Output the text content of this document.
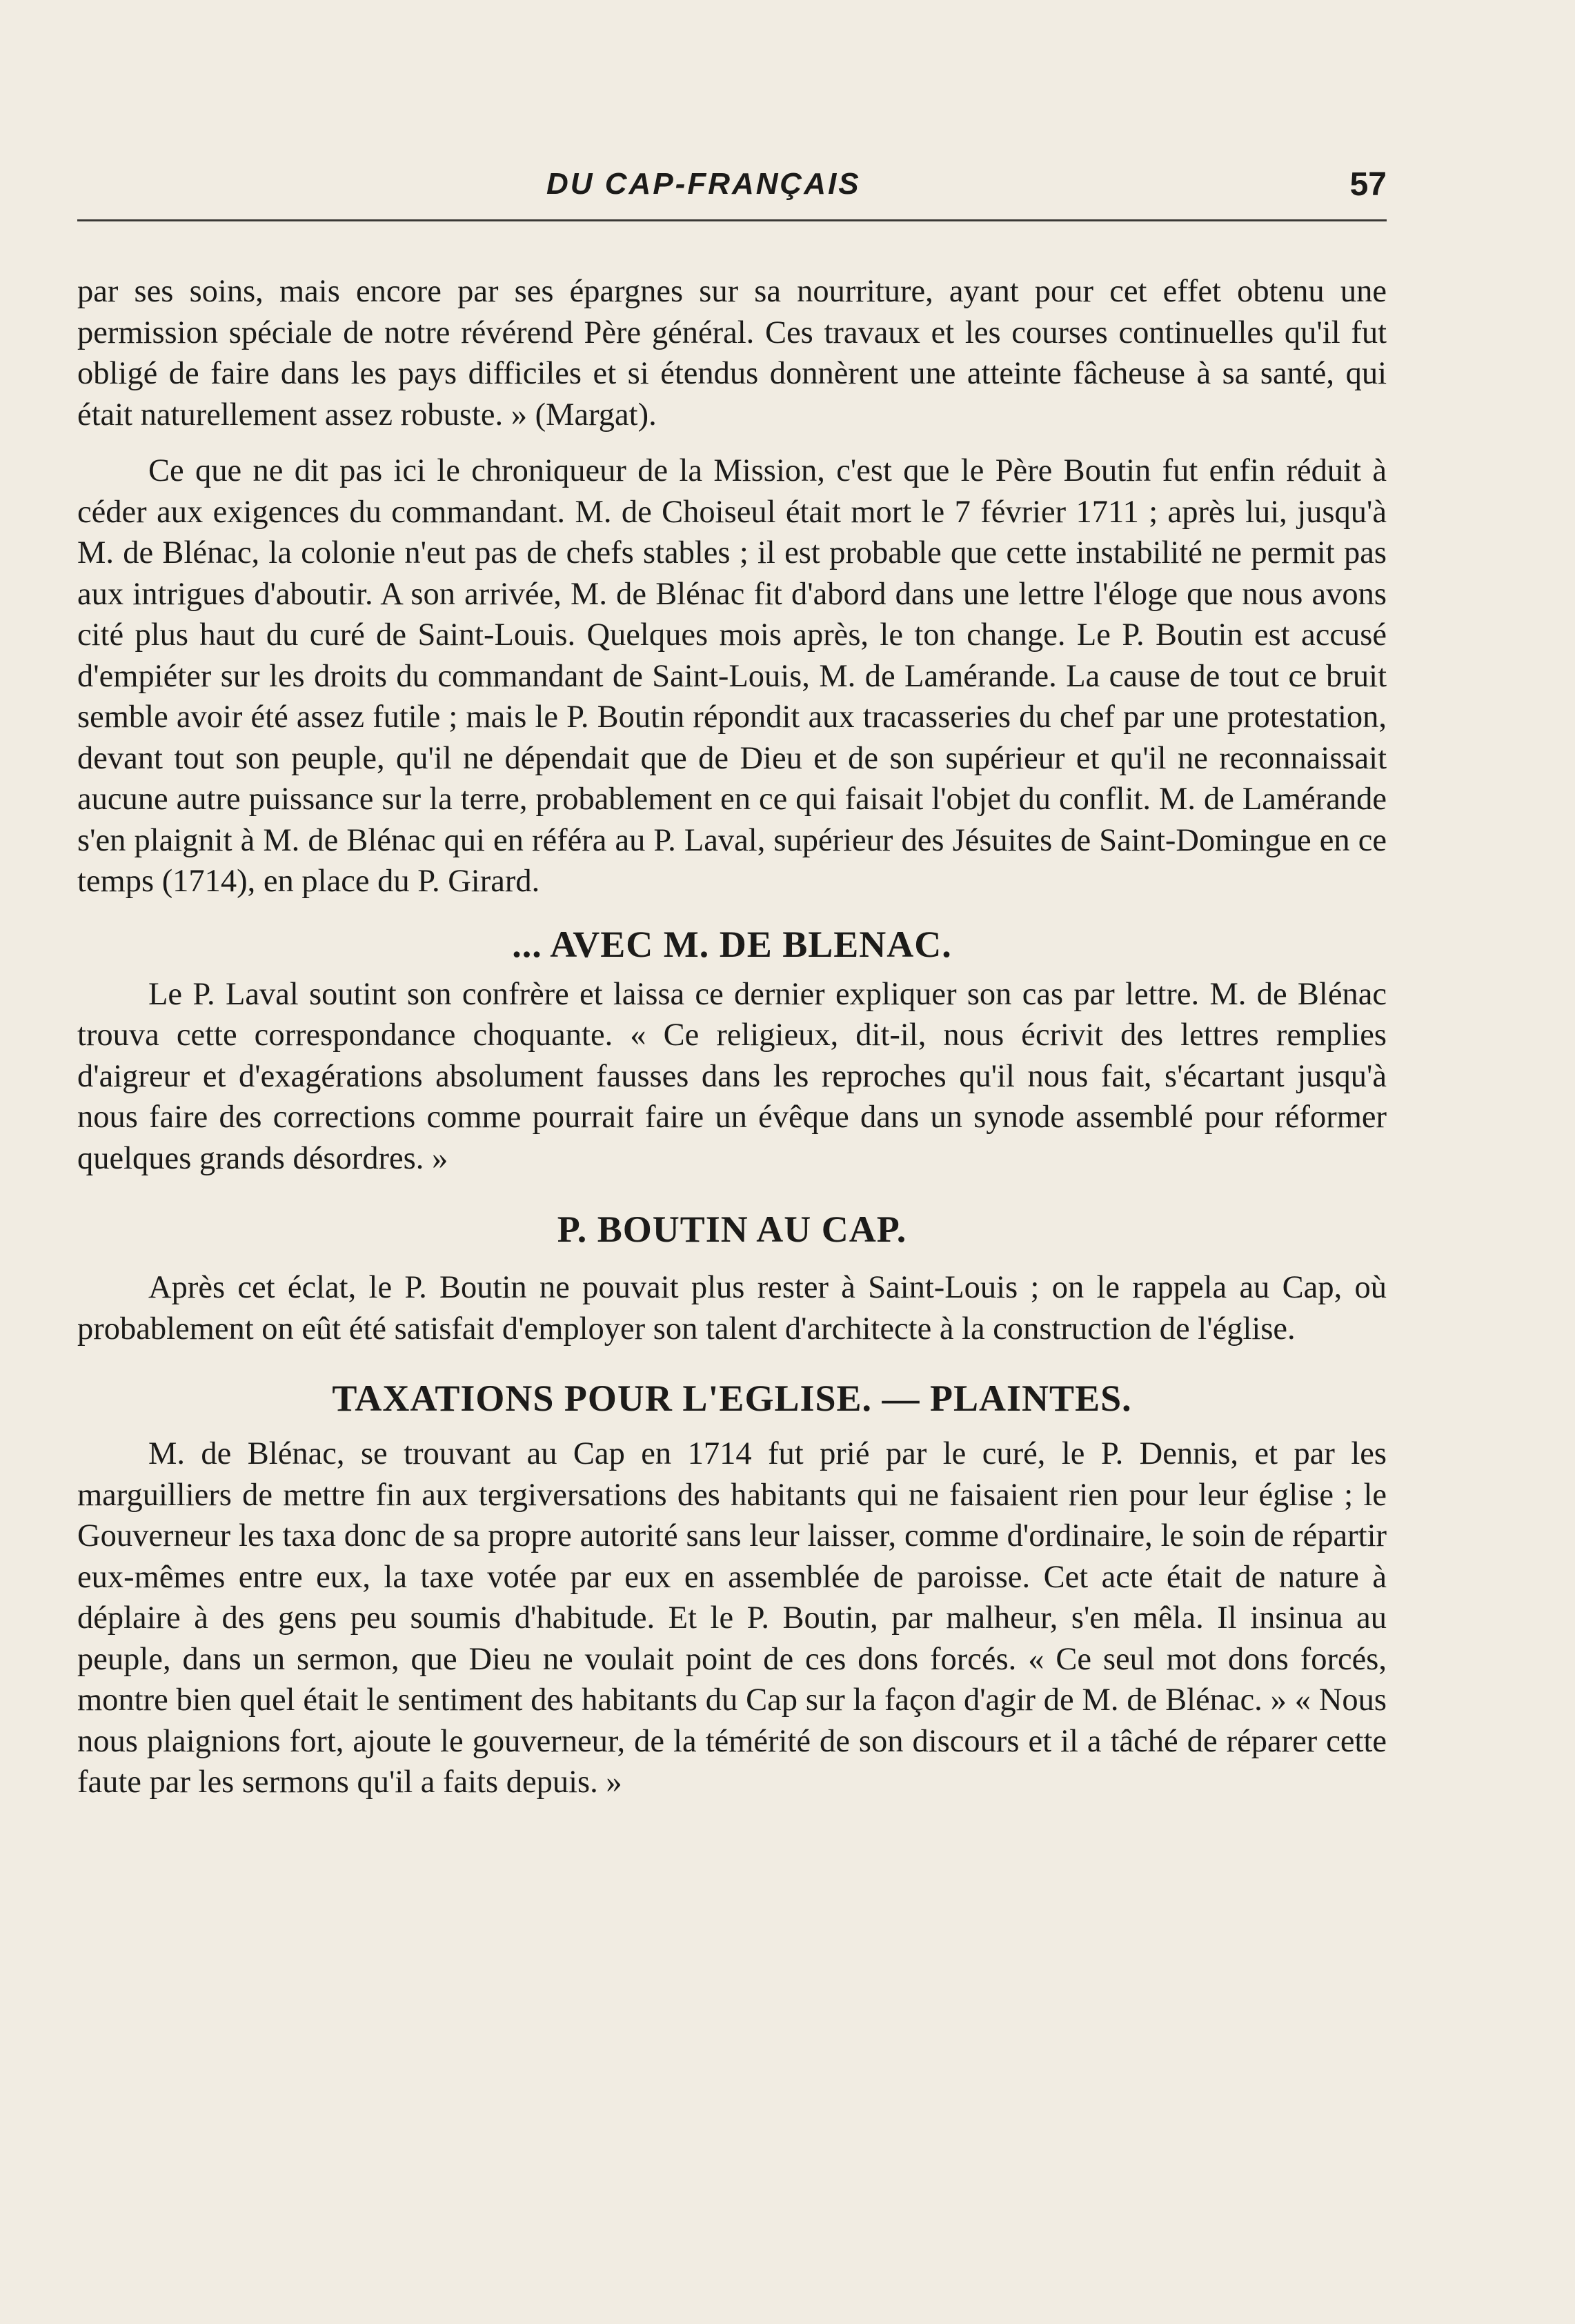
DU CAP-FRANÇAIS	57

par ses soins, mais encore par ses épargnes sur sa nourriture, ayant pour cet effet obtenu une permission spéciale de notre révérend Père général. Ces travaux et les courses continuelles qu'il fut obligé de faire dans les pays difficiles et si étendus donnèrent une atteinte fâcheuse à sa santé, qui était naturellement assez robuste. » (Margat).

Ce que ne dit pas ici le chroniqueur de la Mission, c'est que le Père Boutin fut enfin réduit à céder aux exigences du commandant. M. de Choiseul était mort le 7 février 1711 ; après lui, jusqu'à M. de Blénac, la colonie n'eut pas de chefs stables ; il est probable que cette instabilité ne permit pas aux intrigues d'aboutir. A son arrivée, M. de Blénac fit d'abord dans une lettre l'éloge que nous avons cité plus haut du curé de Saint-Louis. Quelques mois après, le ton change. Le P. Boutin est accusé d'empiéter sur les droits du commandant de Saint-Louis, M. de Lamérande. La cause de tout ce bruit semble avoir été assez futile ; mais le P. Boutin répondit aux tracasseries du chef par une protestation, devant tout son peuple, qu'il ne dépendait que de Dieu et de son supérieur et qu'il ne reconnaissait aucune autre puissance sur la terre, probablement en ce qui faisait l'objet du conflit. M. de Lamérande s'en plaignit à M. de Blénac qui en référa au P. Laval, supérieur des Jésuites de Saint-Domingue en ce temps (1714), en place du P. Girard.

... AVEC M. DE BLENAC.

Le P. Laval soutint son confrère et laissa ce dernier expliquer son cas par lettre. M. de Blénac trouva cette correspondance choquante. « Ce religieux, dit-il, nous écrivit des lettres remplies d'aigreur et d'exagérations absolument fausses dans les reproches qu'il nous fait, s'écartant jusqu'à nous faire des corrections comme pourrait faire un évêque dans un synode assemblé pour réformer quelques grands désordres. »

P. BOUTIN AU CAP.

Après cet éclat, le P. Boutin ne pouvait plus rester à Saint-Louis ; on le rappela au Cap, où probablement on eût été satisfait d'employer son talent d'architecte à la construction de l'église.

TAXATIONS POUR L'EGLISE. — PLAINTES.

M. de Blénac, se trouvant au Cap en 1714 fut prié par le curé, le P. Dennis, et par les marguilliers de mettre fin aux tergiversations des habitants qui ne faisaient rien pour leur église ; le Gouverneur les taxa donc de sa propre autorité sans leur laisser, comme d'ordinaire, le soin de répartir eux-mêmes entre eux, la taxe votée par eux en assemblée de paroisse. Cet acte était de nature à déplaire à des gens peu soumis d'habitude. Et le P. Boutin, par malheur, s'en mêla. Il insinua au peuple, dans un sermon, que Dieu ne voulait point de ces dons forcés. « Ce seul mot dons forcés, montre bien quel était le sentiment des habitants du Cap sur la façon d'agir de M. de Blénac. » « Nous nous plaignions fort, ajoute le gouverneur, de la témérité de son discours et il a tâché de réparer cette faute par les sermons qu'il a faits depuis. »
